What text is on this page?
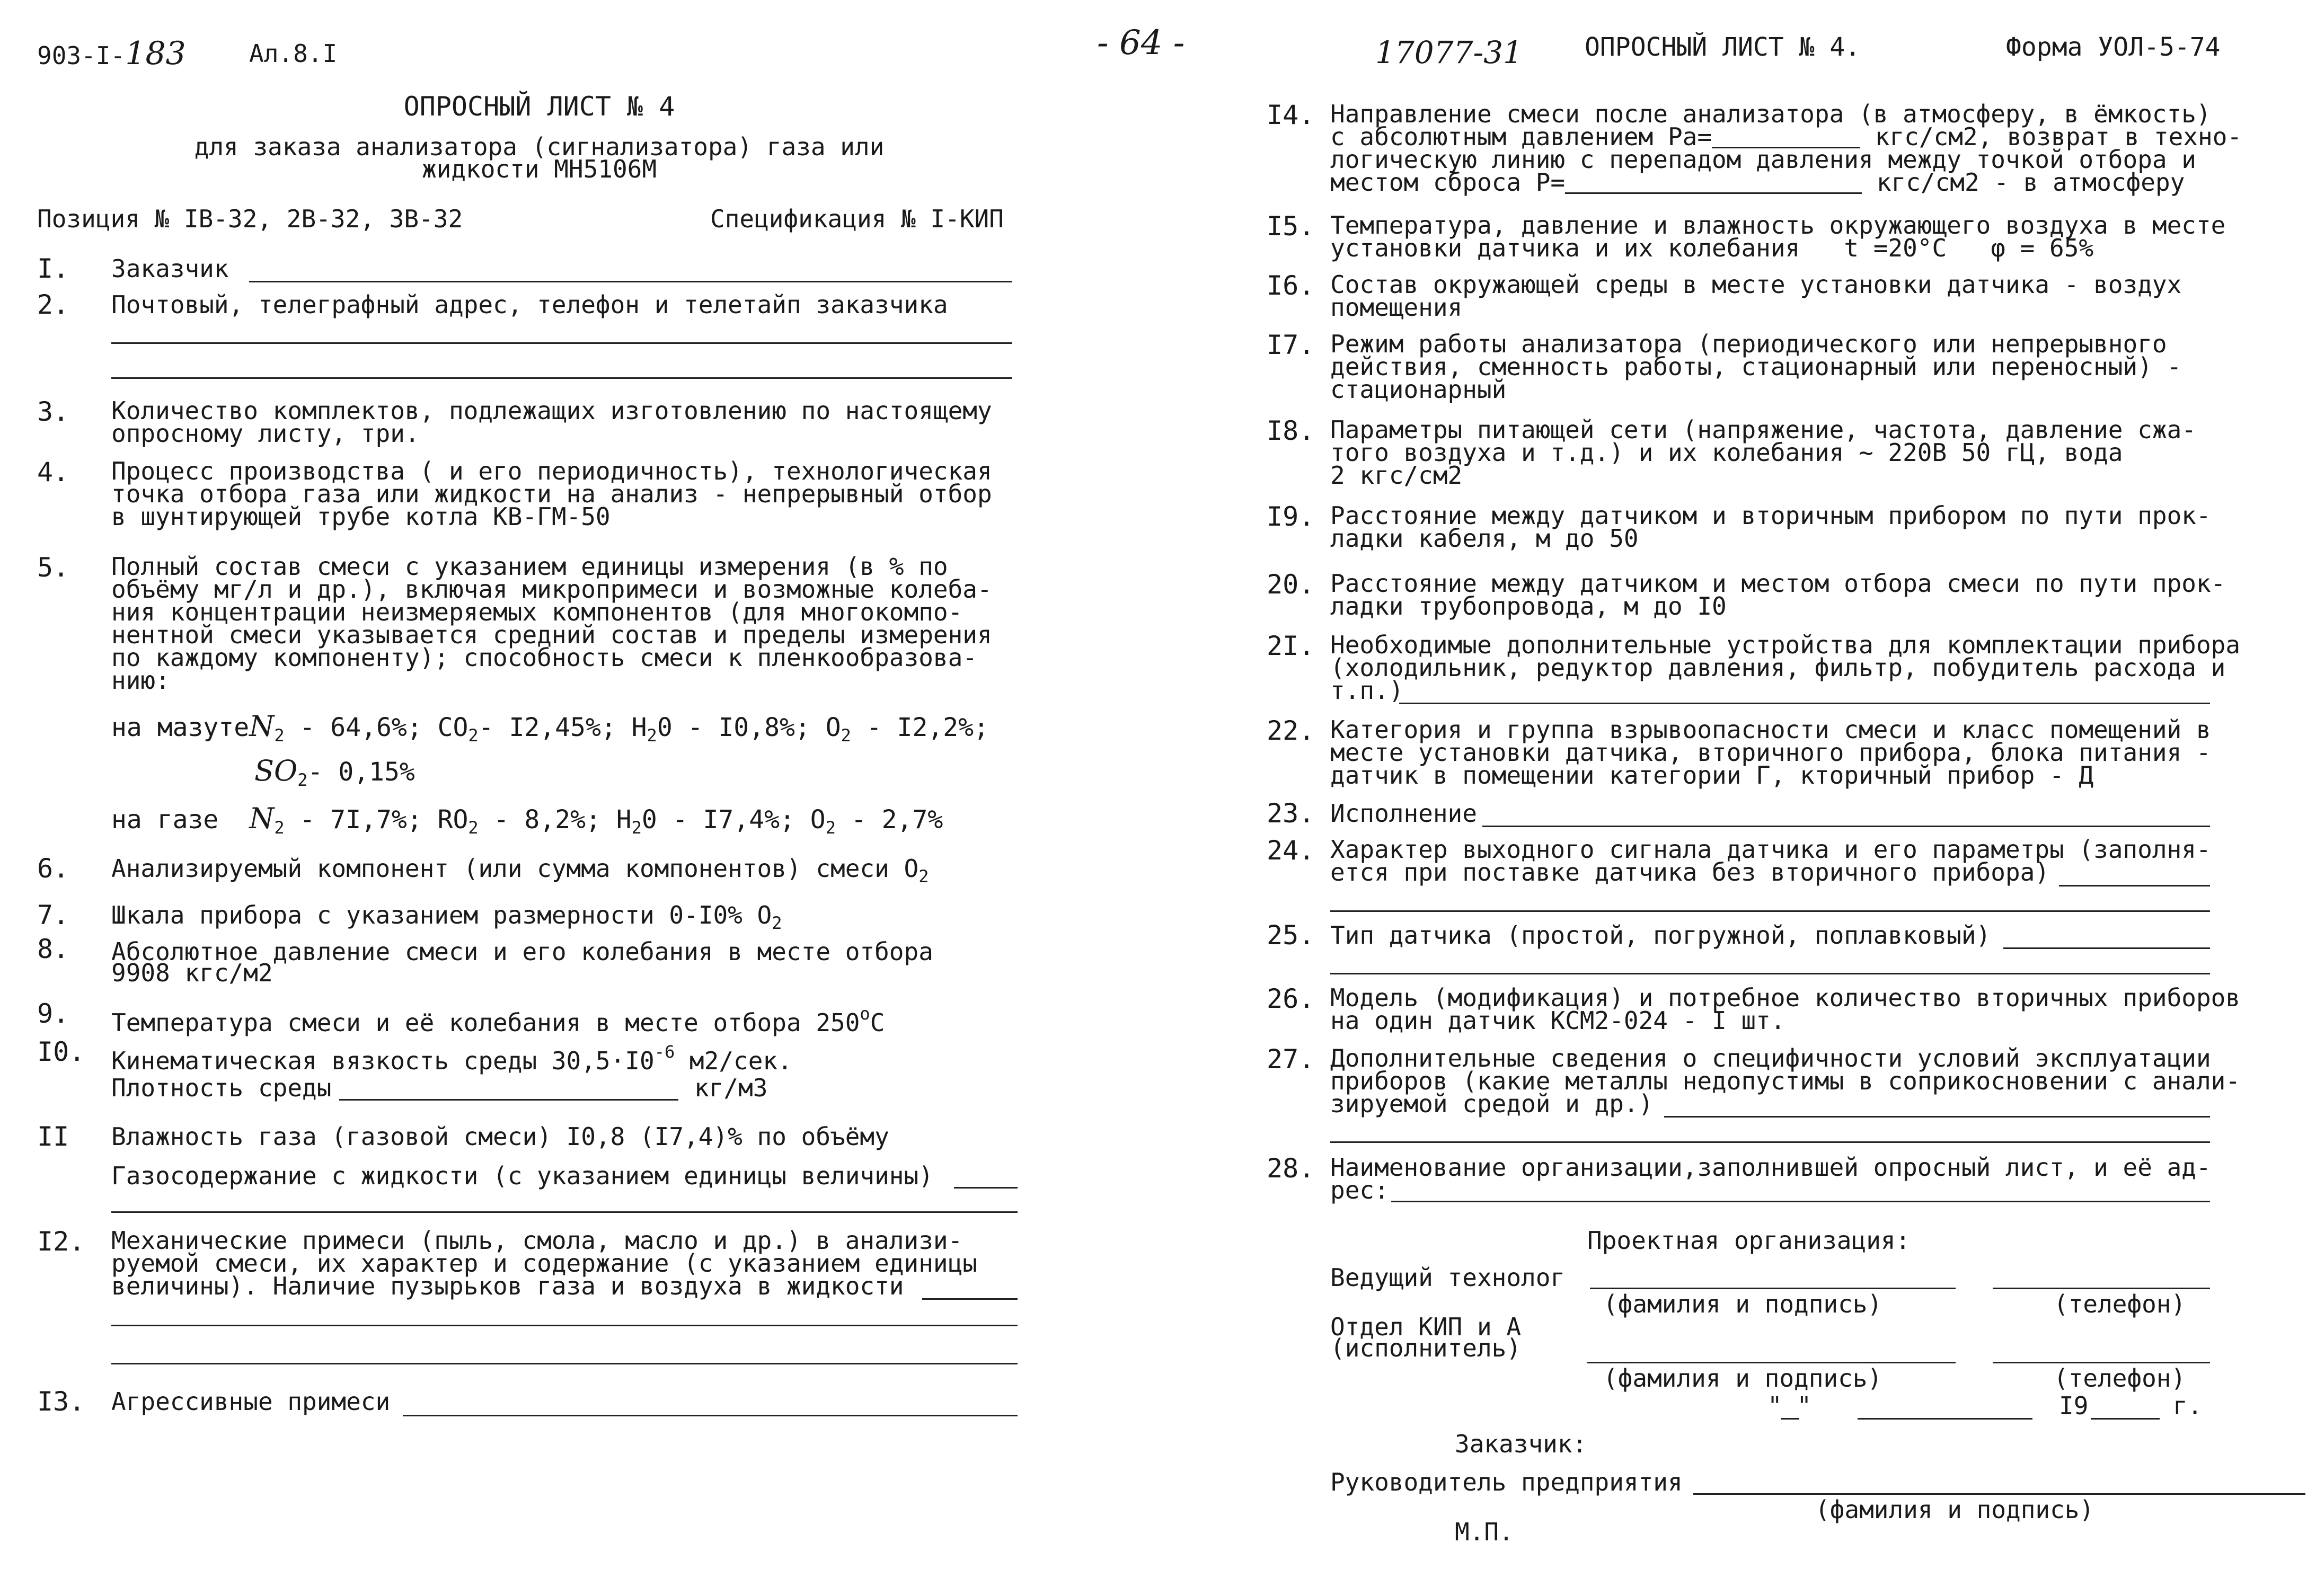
903-I-183	Ал.8.I
ОПРОСНЫЙ ЛИСТ № 4
для заказа анализатора (сигнализатора) газа или
жидкости МН5106М
Позиция № IВ-32, 2В-32, 3В-32	Спецификация № I-КИП
I. Заказчик
2. Почтовый, телеграфный адрес, телефон и телетайп заказчика
3. Количество комплектов, подлежащих изготовлению по настоящему
опросному листу, три.
4. Процесс производства ( и его периодичность), технологическая
точка отбора газа или жидкости на анализ - непрерывный отбор
в шунтирующей трубе котла КВ-ГМ-50
5. Полный состав смеси с указанием единицы измерения (в % по
объёму мг/л и др.), включая микропримеси и возможные колеба-
ния концентрации неизмеряемых компонентов (для многокомпо-
нентной смеси указывается средний состав и пределы измерения
по каждому компоненту); способность смеси к пленкообразова-
нию:
на мазутеN$_2$ - 64,6%; $СО_2-$ I2,45%; $Н_20 - I0,8\%$; $О_2 - I2,2\%$;
$SO_2-$ 0,15%
на газе $N_2 - 7I,7\%$; $RO_2 - 8,2\%$; $Н_20 - I7,4\%$; $О_2 - 2,7\%$
6. Анализируемый компонент (или сумма компонентов) смеси $О_2$
7. Шкала прибора с указанием размерности 0-I0% $О_2$
8. Абсолютное давление смеси и его колебания в месте отбора
9908 кгс/м2
9. Температура смеси и её колебания в месте отбора $250^оС$
I0. Кинематическая вязкость среды $30,5\cdot I0^{-6}$ м2/сек.
Плотность среды	кг/м3
II Влажность газа (газовой смеси) I0,8 (I7,4)% по объёму
Газосодержание с жидкости (с указанием единицы величины)
I2. Механические примеси (пыль, смола, масло и др.) в анализи-
руемой смеси, их характер и содержание (с указанием единицы
величины). Наличие пузырьков газа и воздуха в жидкости
I3. Агрессивные примеси
- 64 -	17077-31 ОПРОСНЫЙ ЛИСТ № 4.	Форма УОЛ-5-74
I4. Направление смеси после анализатора (в атмосферу, в ёмкость)
с абсолютным давлением Ра=	кгс/см2, возврат в техно-
логическую линию с перепадом давления между точкой отбора и
местом сброса Р=	кгс/см2 - в атмосферу
I5. Температура, давление и влажность окружающего воздуха в месте
установки датчика и их колебания t =20°С φ = 65%
I6. Состав окружающей среды в месте установки датчика - воздух
помещения
I7. Режим работы анализатора (периодического или непрерывного
действия, сменность работы, стационарный или переносный) -
стационарный
I8. Параметры питающей сети (напряжение, частота, давление сжа-
того воздуха и т.д.) и их колебания ∼ 220В 50 гЦ, вода
2 кгс/см2
I9. Расстояние между датчиком и вторичным прибором по пути прок-
ладки кабеля, м до 50
20. Расстояние между датчиком и местом отбора смеси по пути прок-
ладки трубопровода, м до I0
2I. Необходимые дополнительные устройства для комплектации прибора
(холодильник, редуктор давления, фильтр, побудитель расхода и
т.п.)
22. Категория и группа взрывоопасности смеси и класс помещений в
месте установки датчика, вторичного прибора, блока питания -
датчик в помещении категории Г, кторичный прибор - Д
23. Исполнение
24. Характер выходного сигнала датчика и его параметры (заполня-
ется при поставке датчика без вторичного прибора)
25. Тип датчика (простой, погружной, поплавковый)
26. Модель (модификация) и потребное количество вторичных приборов
на один датчик КСМ2-024 - I шт.
27. Дополнительные сведения о специфичности условий эксплуатации
приборов (какие металлы недопустимы в соприкосновении с анали-
зируемой средой и др.)
28. Наименование организации,заполнившей опросный лист, и её ад-
рес:
Проектная организация:
Ведущий технолог
(фамилия и подпись)	(телефон)
Отдел КИП и А
(исполнитель)
(фамилия и подпись)	(телефон)
" "	I9	г.
Заказчик:
Руководитель предприятия
(фамилия и подпись)
М.П.
